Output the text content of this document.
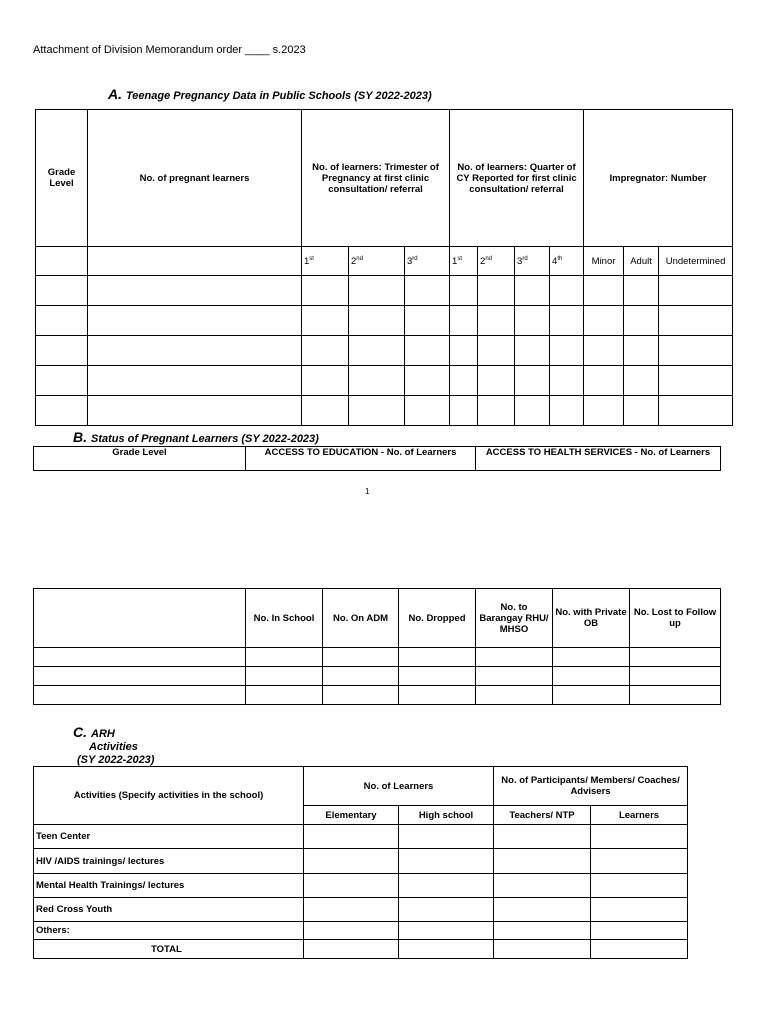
Attachment of Division Memorandum order ____ s.2023
A. Teenage Pregnancy Data in Public Schools (SY 2022-2023)
Grade Level	No. of pregnant learners	No. of learners: Trimester of Pregnancy at first clinic consultation/ referral			No. of learners: Quarter of CY Reported for first clinic consultation/ referral				Impregnator: Number		

		1st	2nd	3rd	1st	2nd	3rd	4th	Minor	Adult	Undetermined

B. Status of Pregnant Learners (SY 2022-2023)
Grade Level	ACCESS TO EDUCATION - No. of Learners	ACCESS TO HEALTH SERVICES - No. of Learners
1
	No. In School	No. On ADM	No. Dropped	No. to Barangay RHU/ MHSO	No. with Private OB	No. Lost to Follow up

C. ARH
Activities
(SY 2022-2023)
Activities (Specify activities in the school)	No. of Learners		No. of Participants/ Members/ Coaches/ Advisers	
	Elementary	High school	Teachers/ NTP	Learners
Teen Center				
HIV /AIDS trainings/ lectures				
Mental Health Trainings/ lectures				
Red Cross Youth				
Others:				
TOTAL				
